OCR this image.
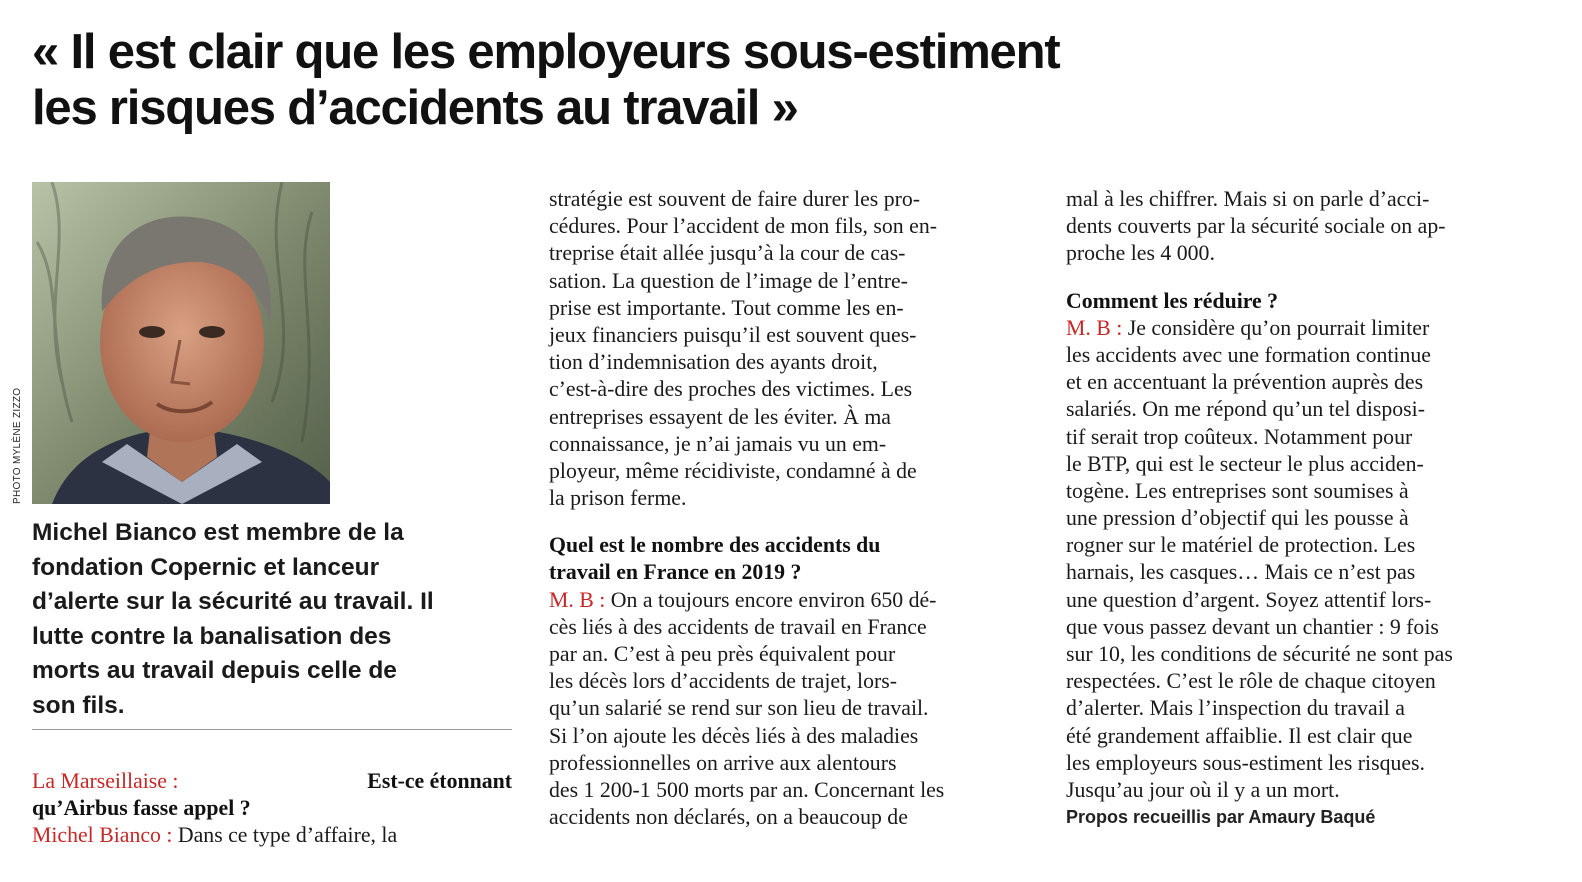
« Il est clair que les employeurs sous-estiment
les risques d’accidents au travail »
PHOTO MYLÈNE ZIZZO
Michel Bianco est membre de la
fondation Copernic et lanceur
d’alerte sur la sécurité au travail. Il
lutte contre la banalisation des
morts au travail depuis celle de
son fils.
La Marseillaise :	Est-ce étonnant
qu’Airbus fasse appel ?
Michel Bianco : Dans ce type d’affaire, la
stratégie est souvent de faire durer les pro-
cédures. Pour l’accident de mon fils, son en-
treprise était allée jusqu’à la cour de cas-
sation. La question de l’image de l’entre-
prise est importante. Tout comme les en-
jeux financiers puisqu’il est souvent ques-
tion d’indemnisation des ayants droit,
c’est-à-dire des proches des victimes. Les
entreprises essayent de les éviter. À ma
connaissance, je n’ai jamais vu un em-
ployeur, même récidiviste, condamné à de
la prison ferme.
Quel est le nombre des accidents du
travail en France en 2019 ?
M. B : On a toujours encore environ 650 dé-
cès liés à des accidents de travail en France
par an. C’est à peu près équivalent pour
les décès lors d’accidents de trajet, lors-
qu’un salarié se rend sur son lieu de travail.
Si l’on ajoute les décès liés à des maladies
professionnelles on arrive aux alentours
des 1 200-1 500 morts par an. Concernant les
accidents non déclarés, on a beaucoup de
mal à les chiffrer. Mais si on parle d’acci-
dents couverts par la sécurité sociale on ap-
proche les 4 000.
Comment les réduire ?
M. B : Je considère qu’on pourrait limiter
les accidents avec une formation continue
et en accentuant la prévention auprès des
salariés. On me répond qu’un tel disposi-
tif serait trop coûteux. Notamment pour
le BTP, qui est le secteur le plus acciden-
togène. Les entreprises sont soumises à
une pression d’objectif qui les pousse à
rogner sur le matériel de protection. Les
harnais, les casques… Mais ce n’est pas
une question d’argent. Soyez attentif lors-
que vous passez devant un chantier : 9 fois
sur 10, les conditions de sécurité ne sont pas
respectées. C’est le rôle de chaque citoyen
d’alerter. Mais l’inspection du travail a
été grandement affaiblie. Il est clair que
les employeurs sous-estiment les risques.
Jusqu’au jour où il y a un mort.
Propos recueillis par Amaury Baqué
